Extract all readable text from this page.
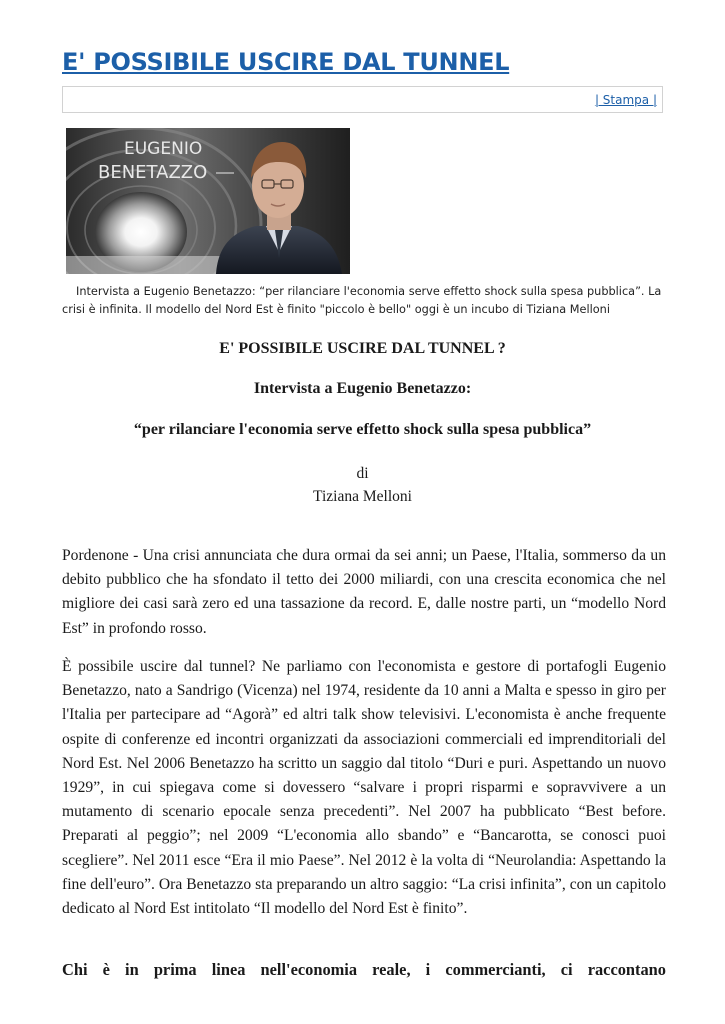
E' POSSIBILE USCIRE DAL TUNNEL
| Stampa |
EUGENIO
BENETAZZO

Intervista a Eugenio Benetazzo: “per rilanciare l'economia serve effetto shock sulla spesa pubblica”. La crisi è infinita. Il modello del Nord Est è finito "piccolo è bello" oggi è un incubo di Tiziana Melloni

E' POSSIBILE USCIRE DAL TUNNEL ?

Intervista a Eugenio Benetazzo:

“per rilanciare l'economia serve effetto shock sulla spesa pubblica”

di

Tiziana Melloni

Pordenone - Una crisi annunciata che dura ormai da sei anni; un Paese, l'Italia, sommerso da un debito pubblico che ha sfondato il tetto dei 2000 miliardi, con una crescita economica che nel migliore dei casi sarà zero ed una tassazione da record. E, dalle nostre parti, un “modello Nord Est” in profondo rosso.

È possibile uscire dal tunnel? Ne parliamo con l'economista e gestore di portafogli Eugenio Benetazzo, nato a Sandrigo (Vicenza) nel 1974, residente da 10 anni a Malta e spesso in giro per l'Italia per partecipare ad “Agorà” ed altri talk show televisivi. L'economista è anche frequente ospite di conferenze ed incontri organizzati da associazioni commerciali ed imprenditoriali del Nord Est. Nel 2006 Benetazzo ha scritto un saggio dal titolo “Duri e puri. Aspettando un nuovo 1929”, in cui spiegava come si dovessero “salvare i propri risparmi e sopravvivere a un mutamento di scenario epocale senza precedenti”. Nel 2007 ha pubblicato “Best before. Preparati al peggio”; nel 2009 “L'economia allo sbando” e “Bancarotta, se conosci puoi scegliere”. Nel 2011 esce “Era il mio Paese”. Nel 2012 è la volta di “Neurolandia: Aspettando la fine dell'euro”. Ora Benetazzo sta preparando un altro saggio: “La crisi infinita”, con un capitolo dedicato al Nord Est intitolato “Il modello del Nord Est è finito”.

Chi è in prima linea nell'economia reale, i commercianti, ci raccontano
